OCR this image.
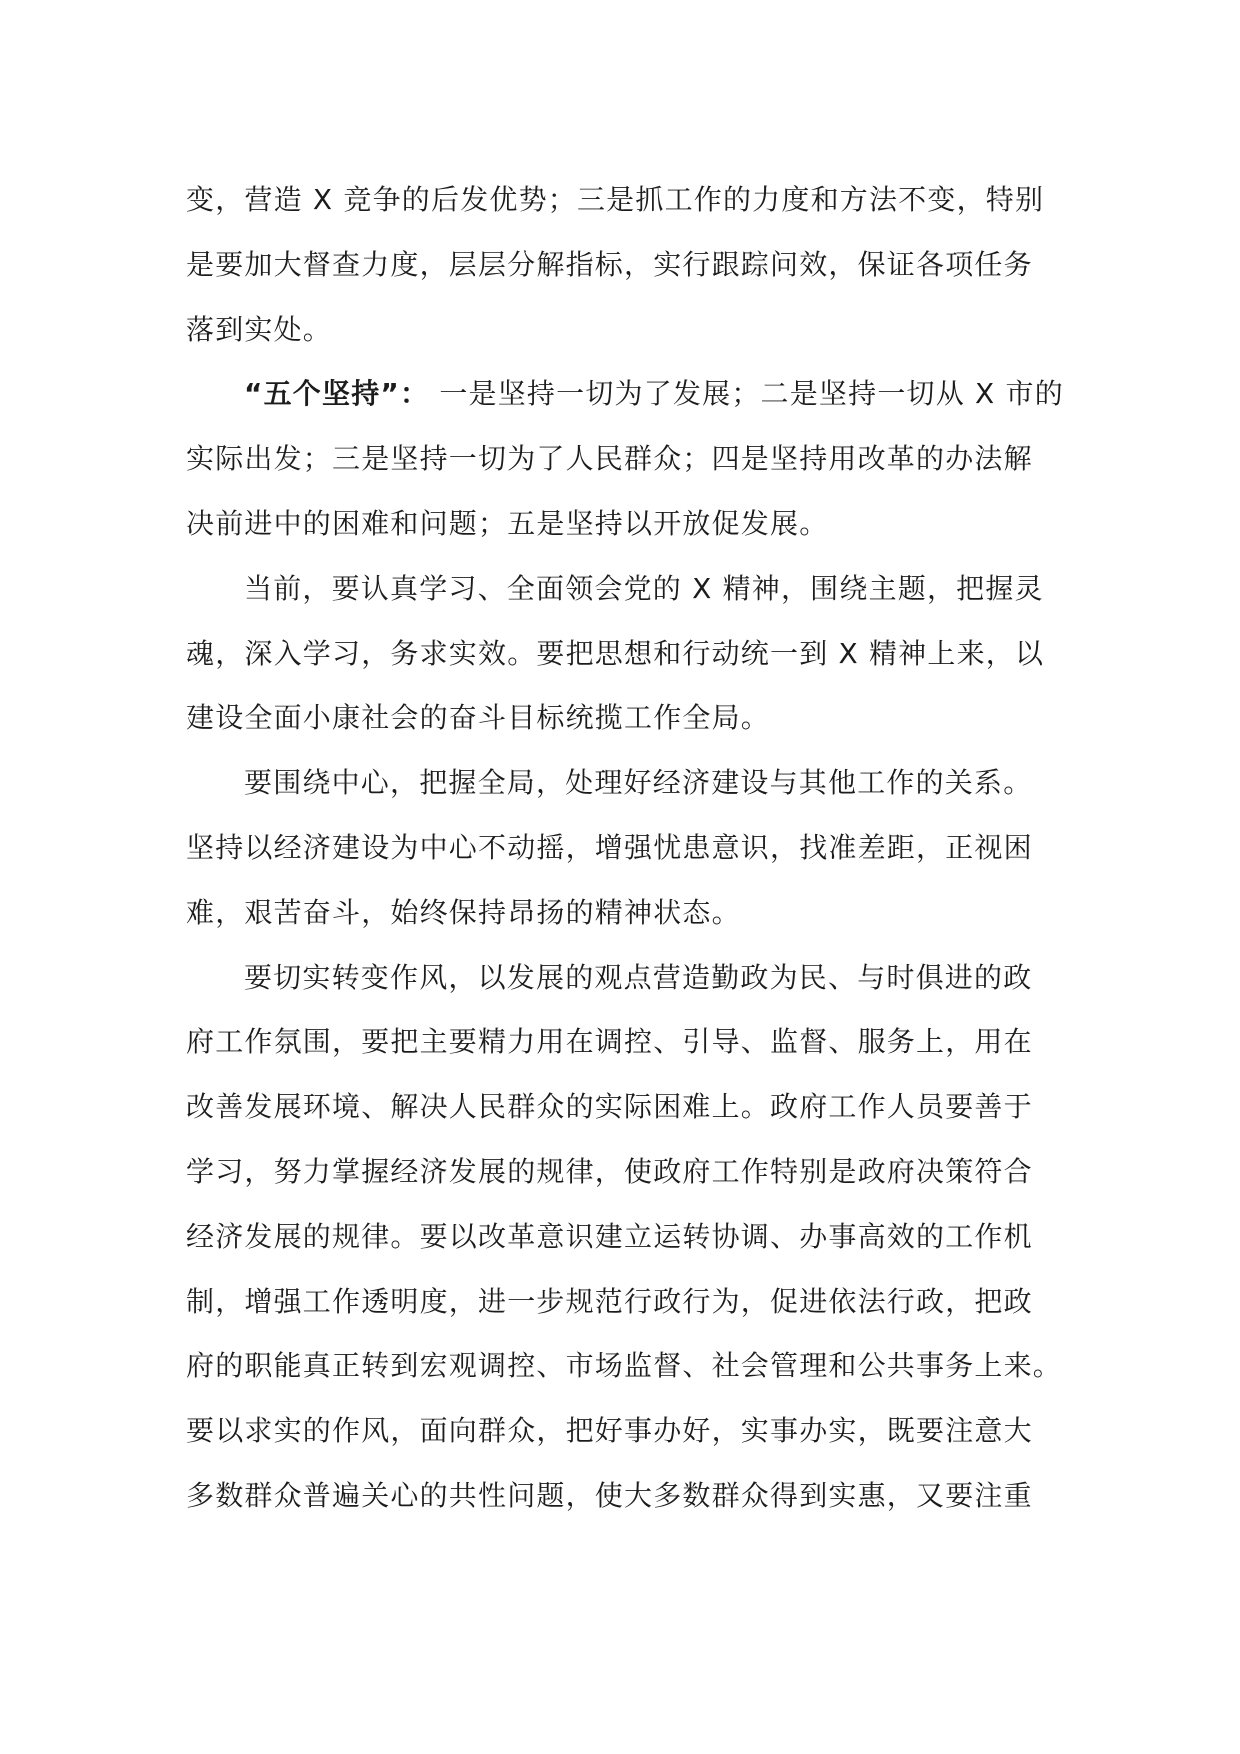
变，营造 X 竞争的后发优势；三是抓工作的力度和方法不变，特别
是要加大督查力度，层层分解指标，实行跟踪问效，保证各项任务
落到实处。

“五个坚持”： 一是坚持一切为了发展；二是坚持一切从 X 市的
实际出发；三是坚持一切为了人民群众；四是坚持用改革的办法解
决前进中的困难和问题；五是坚持以开放促发展。

当前，要认真学习、全面领会党的 X 精神，围绕主题，把握灵
魂，深入学习，务求实效。要把思想和行动统一到 X 精神上来，以
建设全面小康社会的奋斗目标统揽工作全局。

要围绕中心，把握全局，处理好经济建设与其他工作的关系。
坚持以经济建设为中心不动摇，增强忧患意识，找准差距，正视困
难，艰苦奋斗，始终保持昂扬的精神状态。

要切实转变作风，以发展的观点营造勤政为民、与时俱进的政
府工作氛围，要把主要精力用在调控、引导、监督、服务上，用在
改善发展环境、解决人民群众的实际困难上。政府工作人员要善于
学习，努力掌握经济发展的规律，使政府工作特别是政府决策符合
经济发展的规律。要以改革意识建立运转协调、办事高效的工作机
制，增强工作透明度，进一步规范行政行为，促进依法行政，把政
府的职能真正转到宏观调控、市场监督、社会管理和公共事务上来。
要以求实的作风，面向群众，把好事办好，实事办实，既要注意大
多数群众普遍关心的共性问题，使大多数群众得到实惠，又要注重
